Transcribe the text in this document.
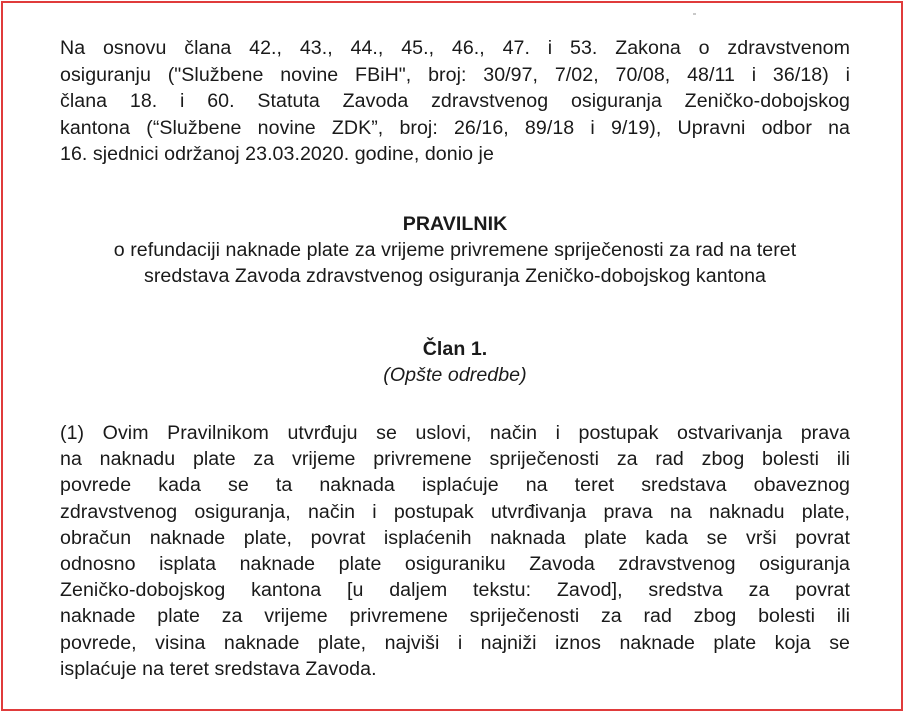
Na osnovu člana 42., 43., 44., 45., 46., 47. i 53. Zakona o zdravstvenom
osiguranju ("Službene novine FBiH", broj: 30/97, 7/02, 70/08, 48/11 i 36/18) i
člana 18. i 60. Statuta Zavoda zdravstvenog osiguranja Zeničko-dobojskog
kantona (“Službene novine ZDK”, broj: 26/16, 89/18 i 9/19), Upravni odbor na
16. sjednici održanoj 23.03.2020. godine, donio je

PRAVILNIK
o refundaciji naknade plate za vrijeme privremene spriječenosti za rad na teret
sredstava Zavoda zdravstvenog osiguranja Zeničko-dobojskog kantona
Član 1.
(Opšte odredbe)

(1) Ovim Pravilnikom utvrđuju se uslovi, način i postupak ostvarivanja prava
na naknadu plate za vrijeme privremene spriječenosti za rad zbog bolesti ili
povrede kada se ta naknada isplaćuje na teret sredstava obaveznog
zdravstvenog osiguranja, način i postupak utvrđivanja prava na naknadu plate,
obračun naknade plate, povrat isplaćenih naknada plate kada se vrši povrat
odnosno isplata naknade plate osiguraniku Zavoda zdravstvenog osiguranja
Zeničko-dobojskog kantona [u daljem tekstu: Zavod], sredstva za povrat
naknade plate za vrijeme privremene spriječenosti za rad zbog bolesti ili
povrede, visina naknade plate, najviši i najniži iznos naknade plate koja se
isplaćuje na teret sredstava Zavoda.
